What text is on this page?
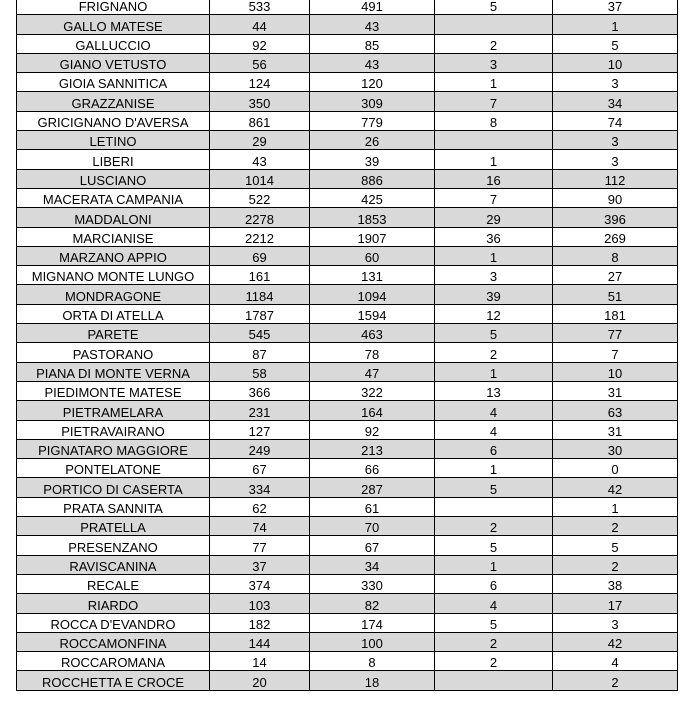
FRIGNANO	533	491	5	37
GALLO MATESE	44	43		1
GALLUCCIO	92	85	2	5
GIANO VETUSTO	56	43	3	10
GIOIA SANNITICA	124	120	1	3
GRAZZANISE	350	309	7	34
GRICIGNANO D'AVERSA	861	779	8	74
LETINO	29	26		3
LIBERI	43	39	1	3
LUSCIANO	1014	886	16	112
MACERATA CAMPANIA	522	425	7	90
MADDALONI	2278	1853	29	396
MARCIANISE	2212	1907	36	269
MARZANO APPIO	69	60	1	8
MIGNANO MONTE LUNGO	161	131	3	27
MONDRAGONE	1184	1094	39	51
ORTA DI ATELLA	1787	1594	12	181
PARETE	545	463	5	77
PASTORANO	87	78	2	7
PIANA DI MONTE VERNA	58	47	1	10
PIEDIMONTE MATESE	366	322	13	31
PIETRAMELARA	231	164	4	63
PIETRAVAIRANO	127	92	4	31
PIGNATARO MAGGIORE	249	213	6	30
PONTELATONE	67	66	1	0
PORTICO DI CASERTA	334	287	5	42
PRATA SANNITA	62	61		1
PRATELLA	74	70	2	2
PRESENZANO	77	67	5	5
RAVISCANINA	37	34	1	2
RECALE	374	330	6	38
RIARDO	103	82	4	17
ROCCA D'EVANDRO	182	174	5	3
ROCCAMONFINA	144	100	2	42
ROCCAROMANA	14	8	2	4
ROCCHETTA E CROCE	20	18		2
